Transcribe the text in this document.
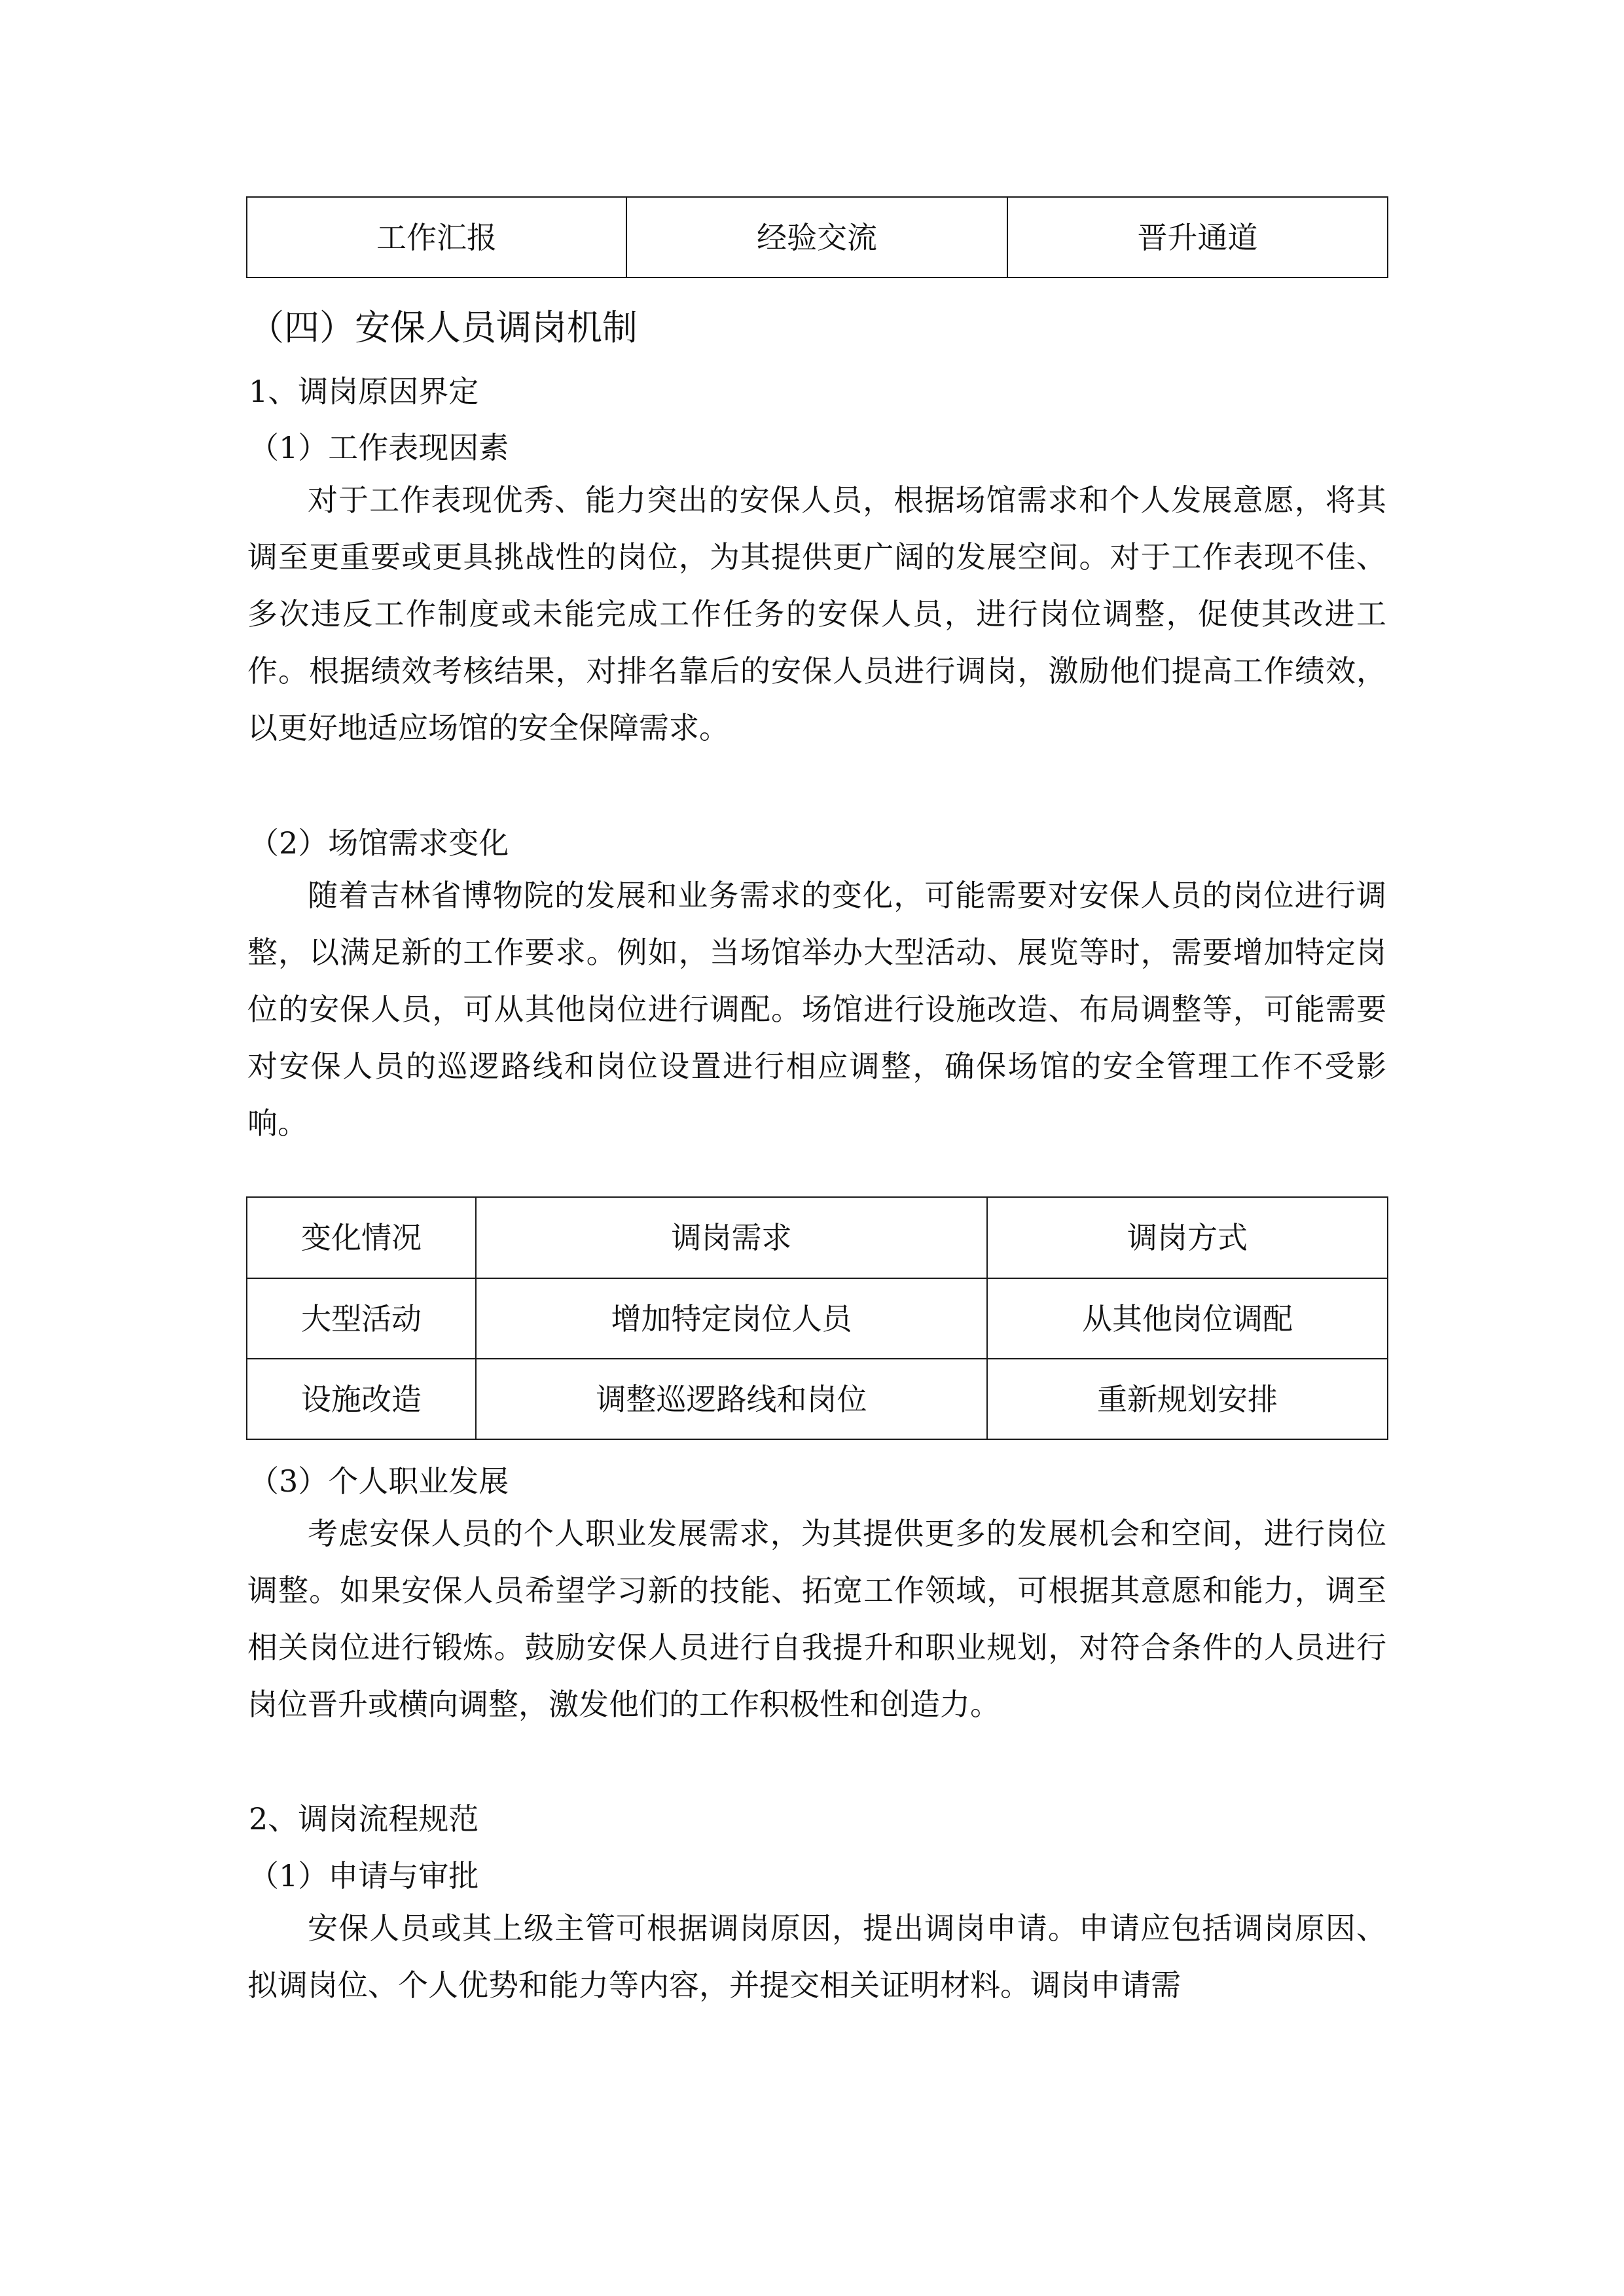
工作汇报	经验交流	晋升通道
（四）安保人员调岗机制
1、调岗原因界定
（1）工作表现因素
对于工作表现优秀、能力突出的安保人员，根据场馆需求和个人发展意愿，将其调至更重要或更具挑战性的岗位，为其提供更广阔的发展空间。对于工作表现不佳、多次违反工作制度或未能完成工作任务的安保人员，进行岗位调整，促使其改进工作。根据绩效考核结果，对排名靠后的安保人员进行调岗，激励他们提高工作绩效，以更好地适应场馆的安全保障需求。
（2）场馆需求变化
随着吉林省博物院的发展和业务需求的变化，可能需要对安保人员的岗位进行调整，以满足新的工作要求。例如，当场馆举办大型活动、展览等时，需要增加特定岗位的安保人员，可从其他岗位进行调配。场馆进行设施改造、布局调整等，可能需要对安保人员的巡逻路线和岗位设置进行相应调整，确保场馆的安全管理工作不受影响。
变化情况	调岗需求	调岗方式
大型活动	增加特定岗位人员	从其他岗位调配
设施改造	调整巡逻路线和岗位	重新规划安排
（3）个人职业发展
考虑安保人员的个人职业发展需求，为其提供更多的发展机会和空间，进行岗位调整。如果安保人员希望学习新的技能、拓宽工作领域，可根据其意愿和能力，调至相关岗位进行锻炼。鼓励安保人员进行自我提升和职业规划，对符合条件的人员进行岗位晋升或横向调整，激发他们的工作积极性和创造力。
2、调岗流程规范
（1）申请与审批
安保人员或其上级主管可根据调岗原因，提出调岗申请。申请应包括调岗原因、拟调岗位、个人优势和能力等内容，并提交相关证明材料。调岗申请需
